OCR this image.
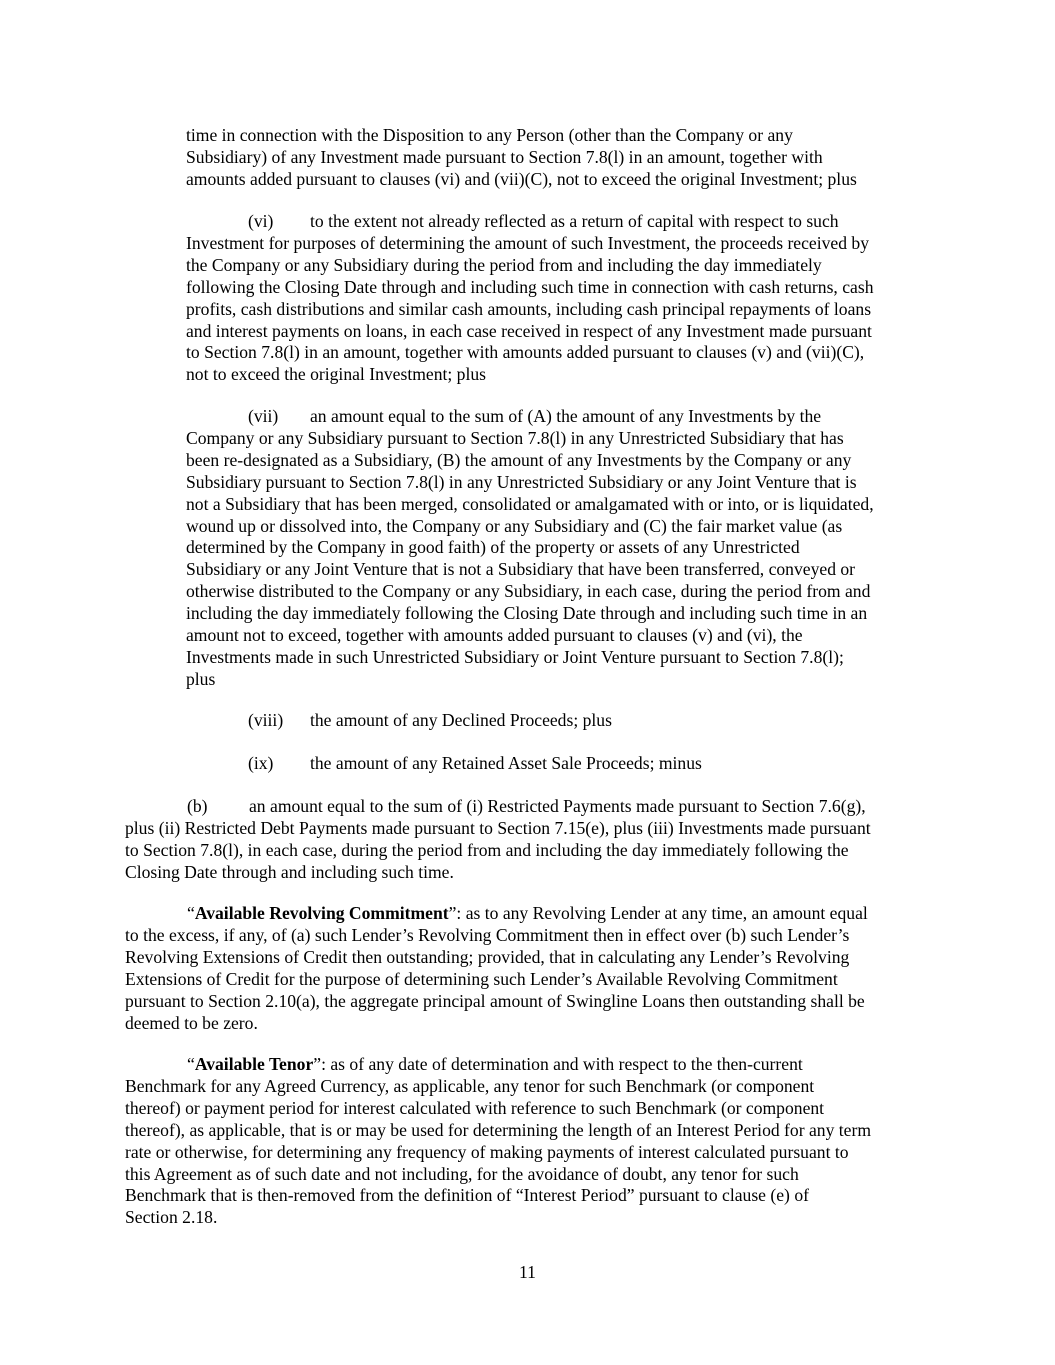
time in connection with the Disposition to any Person (other than the Company or any
Subsidiary) of any Investment made pursuant to Section 7.8(l) in an amount, together with
amounts added pursuant to clauses (vi) and (vii)(C), not to exceed the original Investment; plus
(vi) to the extent not already reflected as a return of capital with respect to such
Investment for purposes of determining the amount of such Investment, the proceeds received by
the Company or any Subsidiary during the period from and including the day immediately
following the Closing Date through and including such time in connection with cash returns, cash
profits, cash distributions and similar cash amounts, including cash principal repayments of loans
and interest payments on loans, in each case received in respect of any Investment made pursuant
to Section 7.8(l) in an amount, together with amounts added pursuant to clauses (v) and (vii)(C),
not to exceed the original Investment; plus
(vii) an amount equal to the sum of (A) the amount of any Investments by the
Company or any Subsidiary pursuant to Section 7.8(l) in any Unrestricted Subsidiary that has
been re-designated as a Subsidiary, (B) the amount of any Investments by the Company or any
Subsidiary pursuant to Section 7.8(l) in any Unrestricted Subsidiary or any Joint Venture that is
not a Subsidiary that has been merged, consolidated or amalgamated with or into, or is liquidated,
wound up or dissolved into, the Company or any Subsidiary and (C) the fair market value (as
determined by the Company in good faith) of the property or assets of any Unrestricted
Subsidiary or any Joint Venture that is not a Subsidiary that have been transferred, conveyed or
otherwise distributed to the Company or any Subsidiary, in each case, during the period from and
including the day immediately following the Closing Date through and including such time in an
amount not to exceed, together with amounts added pursuant to clauses (v) and (vi), the
Investments made in such Unrestricted Subsidiary or Joint Venture pursuant to Section 7.8(l);
plus
(viii) the amount of any Declined Proceeds; plus
(ix) the amount of any Retained Asset Sale Proceeds; minus
(b) an amount equal to the sum of (i) Restricted Payments made pursuant to Section 7.6(g),
plus (ii) Restricted Debt Payments made pursuant to Section 7.15(e), plus (iii) Investments made pursuant
to Section 7.8(l), in each case, during the period from and including the day immediately following the
Closing Date through and including such time.
“Available Revolving Commitment”: as to any Revolving Lender at any time, an amount equal
to the excess, if any, of (a) such Lender’s Revolving Commitment then in effect over (b) such Lender’s
Revolving Extensions of Credit then outstanding; provided, that in calculating any Lender’s Revolving
Extensions of Credit for the purpose of determining such Lender’s Available Revolving Commitment
pursuant to Section 2.10(a), the aggregate principal amount of Swingline Loans then outstanding shall be
deemed to be zero.
“Available Tenor”: as of any date of determination and with respect to the then-current
Benchmark for any Agreed Currency, as applicable, any tenor for such Benchmark (or component
thereof) or payment period for interest calculated with reference to such Benchmark (or component
thereof), as applicable, that is or may be used for determining the length of an Interest Period for any term
rate or otherwise, for determining any frequency of making payments of interest calculated pursuant to
this Agreement as of such date and not including, for the avoidance of doubt, any tenor for such
Benchmark that is then-removed from the definition of “Interest Period” pursuant to clause (e) of
Section 2.18.
11
